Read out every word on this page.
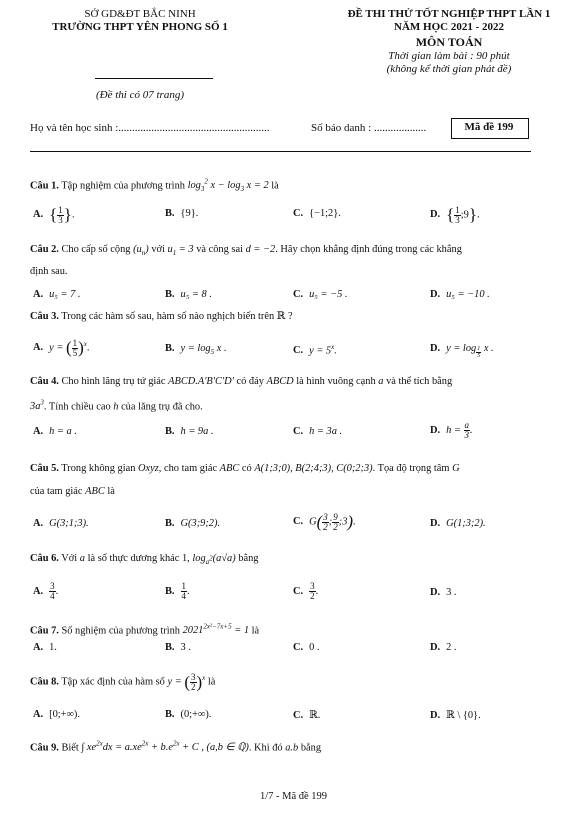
SỞ GD&ĐT BẮC NINH
TRƯỜNG THPT YÊN PHONG SỐ 1
(Đề thi có 07 trang)
ĐỀ THI THỬ TỐT NGHIỆP THPT LẦN 1
NĂM HỌC 2021 - 2022
MÔN TOÁN
Thời gian làm bài : 90 phút
(không kể thời gian phát đề)
Họ và tên học sinh :.......................................................	Số báo danh : ...................	Mã đề 199
Câu 1. Tập nghiệm của phương trình $\log_3^2 x - \log_3 x = 2$ là
A. { $\frac{1}{3}$ }.	B. {9}.	C. {−1;2}.	D. { $\frac{1}{3}$ ;9}.
Câu 2. Cho cấp số cộng $(u_n)$ với $u_1 = 3$ và công sai d = −2. Hãy chọn khẳng định đúng trong các khẳng
định sau.
A. u₅ = 7 .	B. u₅ = 8 .	C. u₅ = −5 .	D. u₅ = −10 .
Câu 3. Trong các hàm số sau, hàm số nào nghịch biến trên ℝ ?
A. y = ( $\frac{1}{5} )^x$.	B. $y = \log_5 x$ .	C. $y = 5^x$.	D. y = log $_{\frac{1}{5}}$ x .
Câu 4. Cho hình lăng trụ tứ giác ABCD.A'B'C'D' có đáy ABCD là hình vuông cạnh a và thể tích bằng
$3a^3$. Tính chiều cao h của lăng trụ đã cho.
A. h = a .	B. h = 9a .	C. h = 3a .	D. $h = \frac{a}{3}$ .
Câu 5. Trong không gian Oxyz, cho tam giác ABC có A(1;3;0), B(2;4;3), C(0;2;3). Tọa độ trọng tâm G
của tam giác ABC là
A. G(3;1;3).	B. G(3;9;2).	C. $G( \frac{3}{2}$ ; $\frac{9}{2}$ ;3).	D. G(1;3;2).
Câu 6. Với a là số thực dương khác 1, $\log_{a^2}(a√a)$ bằng
A. $\frac{3}{4}$ .	B. $\frac{1}{4}$ .	C. $\frac{3}{2}$ .	D. 3 .
Câu 7. Số nghiệm của phương trình $2021^{2x^2-7x+5} = 1$ là
A. 1.	B. 3 .	C. 0 .	D. 2 .
Câu 8. Tập xác định của hàm số y = ( $\frac{3}{2} )^x$ là
A. [0;+∞).	B. (0;+∞).	C. ℝ.	D. ℝ \ {0}.
Câu 9. Biết ∫ $xe^{2x}dx = a.xe^{2x} + b.e^{2x} + C$ , (a,b ∈ ℚ). Khi đó a.b bằng
1/7 - Mã đề 199
